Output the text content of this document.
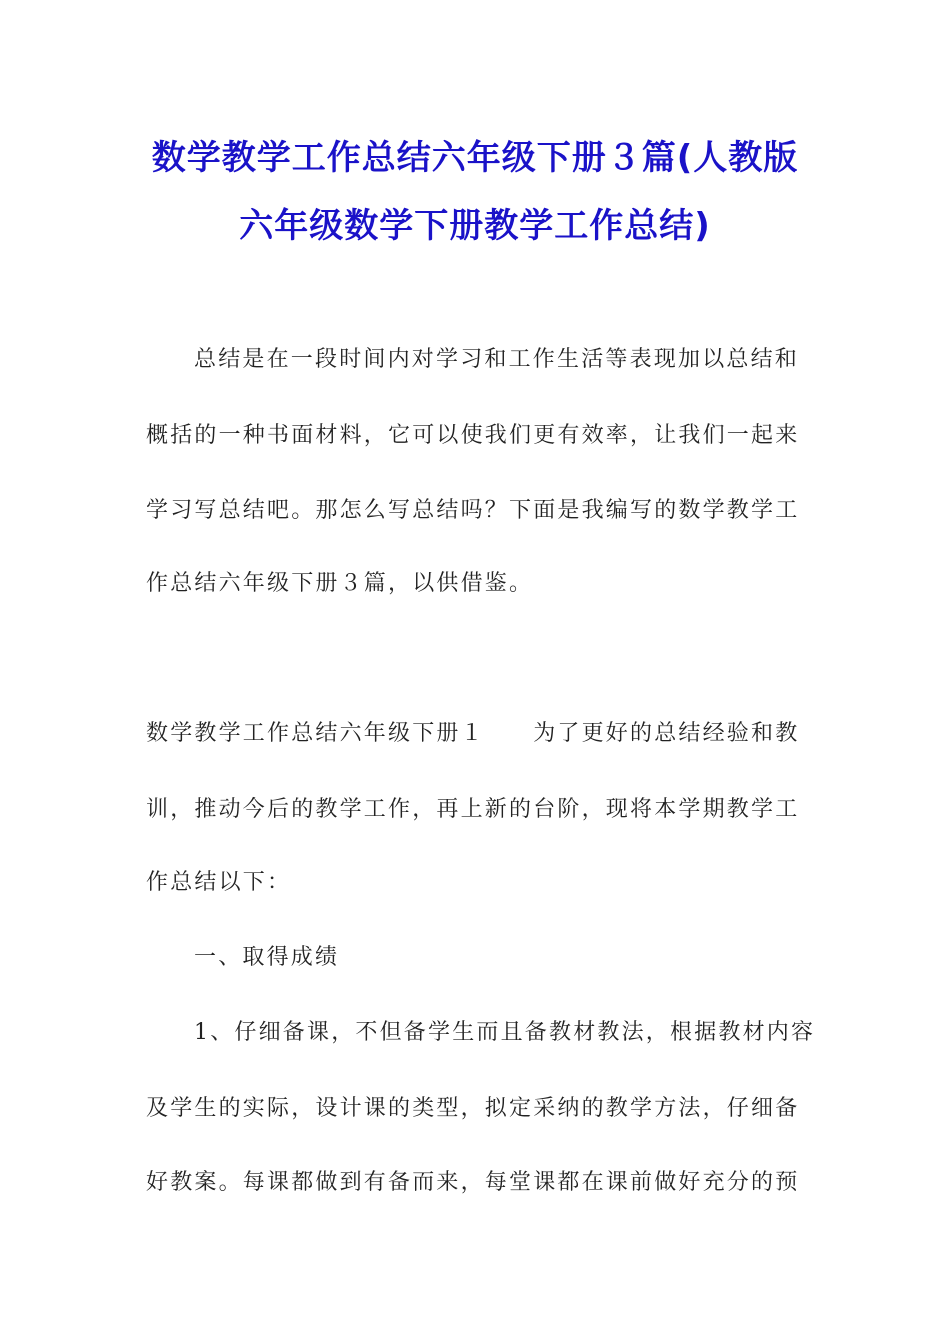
数学教学工作总结六年级下册３篇(人教版
六年级数学下册教学工作总结)
总结是在一段时间内对学习和工作生活等表现加以总结和
概括的一种书面材料，它可以使我们更有效率，让我们一起来
学习写总结吧。那怎么写总结吗？下面是我编写的数学教学工
作总结六年级下册３篇，以供借鉴。
数学教学工作总结六年级下册１　　为了更好的总结经验和教
训，推动今后的教学工作，再上新的台阶，现将本学期教学工
作总结以下：
一、取得成绩
1、仔细备课，不但备学生而且备教材教法，根据教材内容
及学生的实际，设计课的类型，拟定采纳的教学方法，仔细备
好教案。每课都做到有备而来，每堂课都在课前做好充分的预
